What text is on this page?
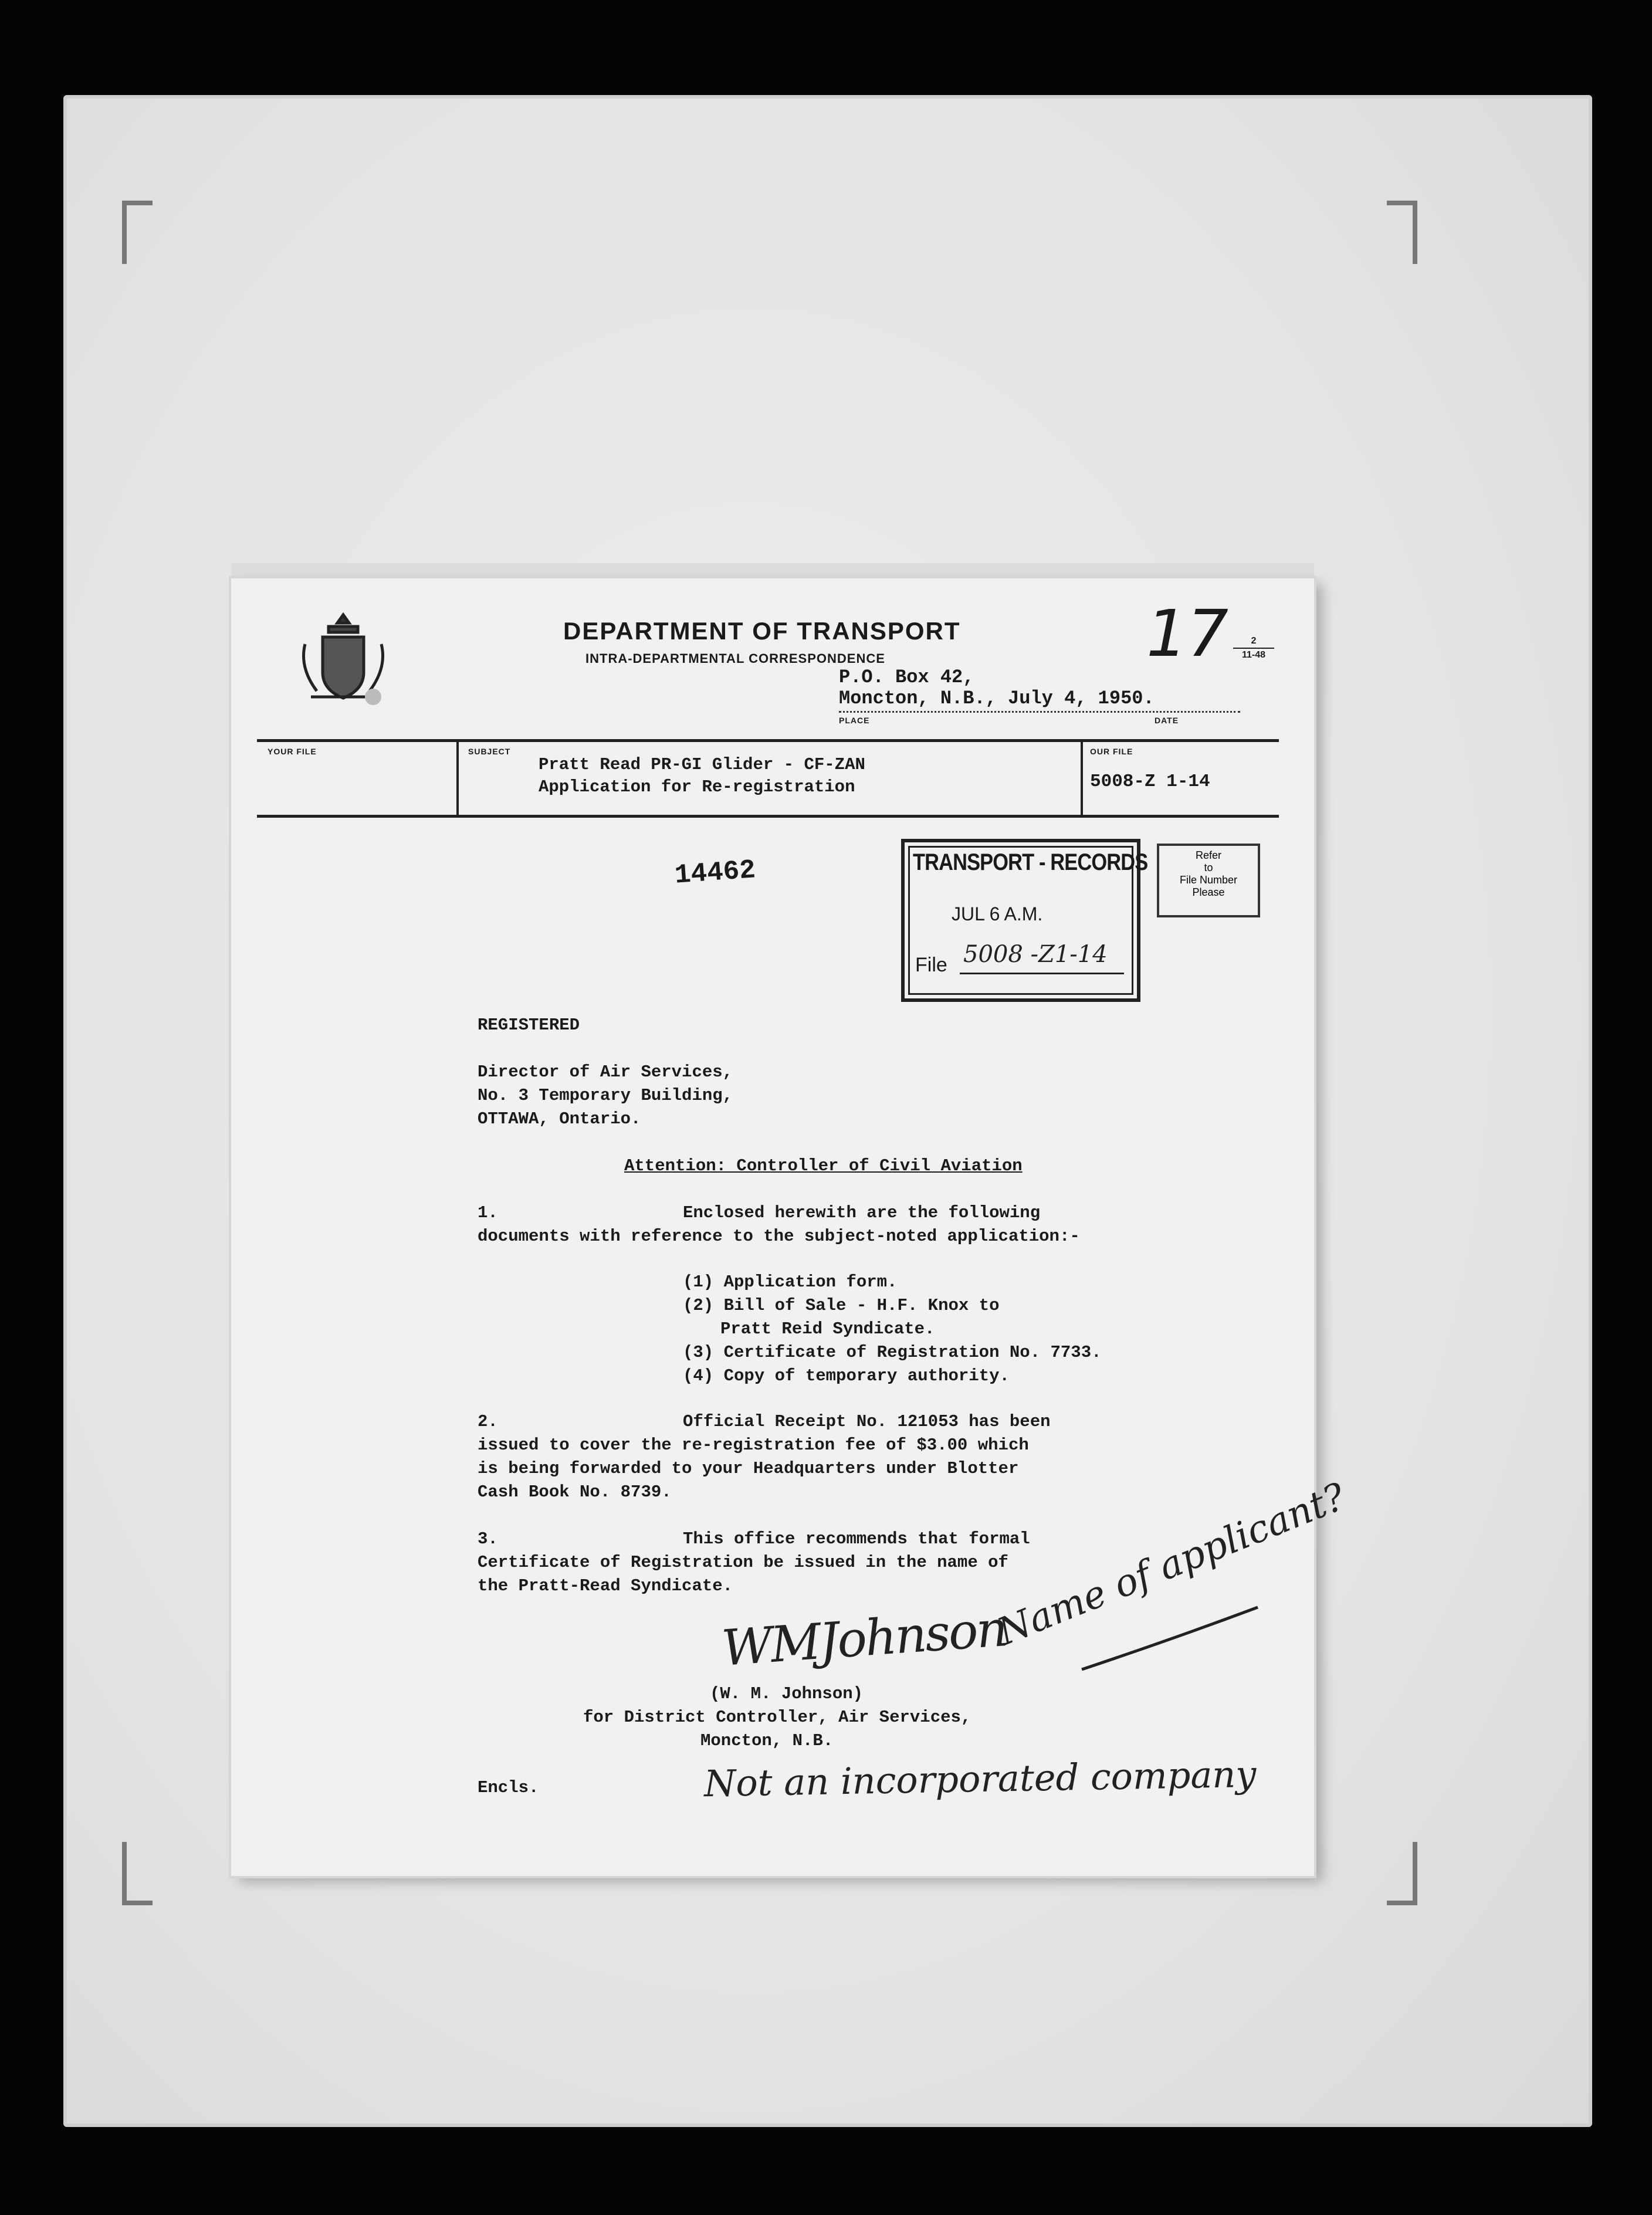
DEPARTMENT OF TRANSPORT
INTRA-DEPARTMENTAL CORRESPONDENCE
P.O. Box 42,
Moncton, N.B., July 4, 1950.
PLACE	DATE
17	2
11-48
YOUR FILE	SUBJECT
Pratt Read PR-GI Glider - CF-ZAN
Application for Re-registration
OUR FILE
5008-Z 1-14
14462	TRANSPORT - RECORDS
JUL 6 A.M.
File 5008 -Z1-14
Refer
to
File Number
Please
REGISTERED
Director of Air Services,
No. 3 Temporary Building,
OTTAWA, Ontario.
Attention: Controller of Civil Aviation
1.	Enclosed herewith are the following
documents with reference to the subject-noted application:-
(1) Application form.
(2) Bill of Sale - H.F. Knox to
Pratt Reid Syndicate.
(3) Certificate of Registration No. 7733.
(4) Copy of temporary authority.
2.	Official Receipt No. 121053 has been
issued to cover the re-registration fee of $3.00 which
is being forwarded to your Headquarters under Blotter
Cash Book No. 8739.
3.	This office recommends that formal
Certificate of Registration be issued in the name of
the Pratt-Read Syndicate.
WMJohnson
(W. M. Johnson)
for District Controller, Air Services,
Moncton, N.B.
Encls.
Name of applicant?
Not an incorporated company
